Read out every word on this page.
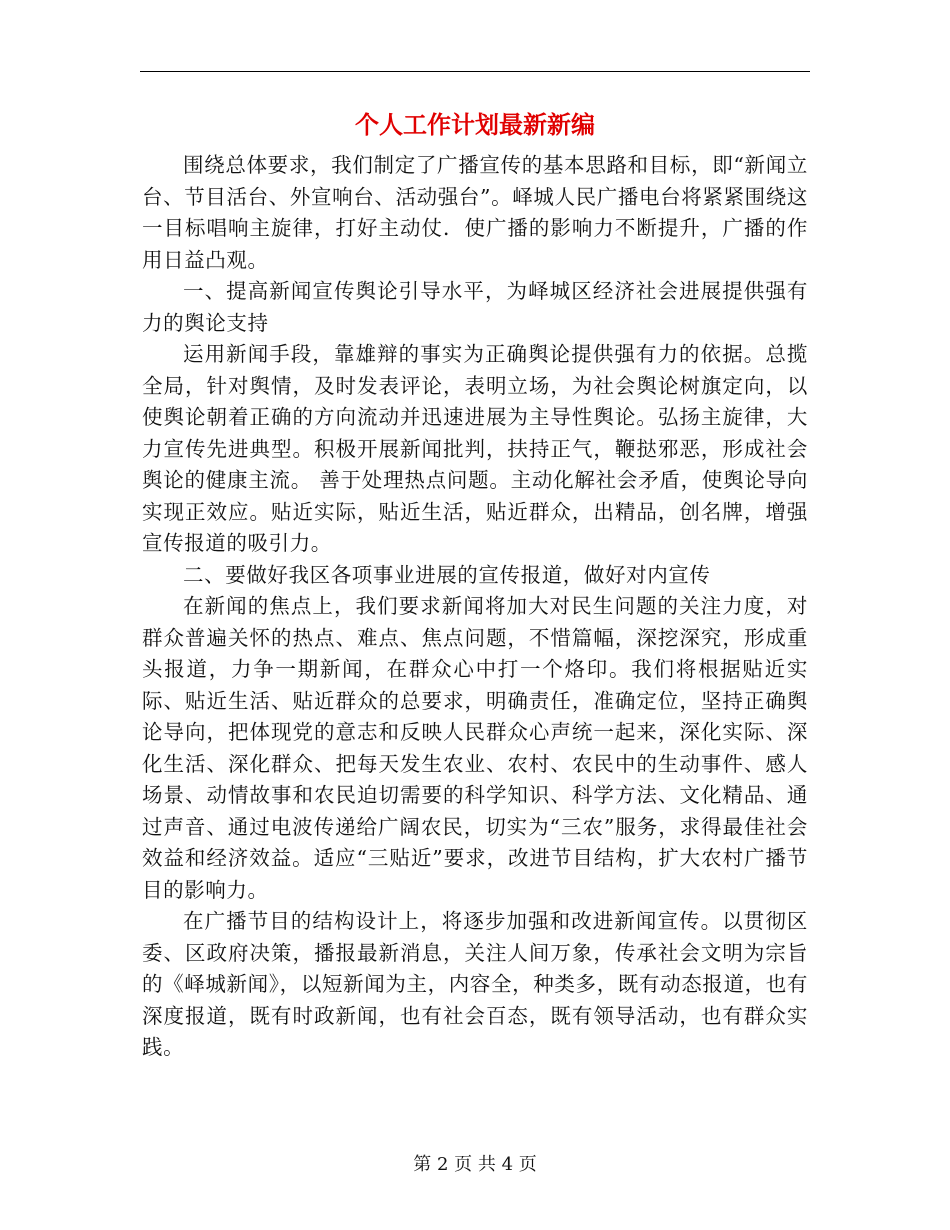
个人工作计划最新新编

围绕总体要求，我们制定了广播宣传的基本思路和目标，即“新闻立台、节目活台、外宣响台、活动强台”。峄城人民广播电台将紧紧围绕这一目标唱响主旋律，打好主动仗．使广播的影响力不断提升，广播的作用日益凸观。

一、提高新闻宣传舆论引导水平，为峄城区经济社会进展提供强有力的舆论支持

运用新闻手段，靠雄辩的事实为正确舆论提供强有力的依据。总揽全局，针对舆情，及时发表评论，表明立场，为社会舆论树旗定向，以使舆论朝着正确的方向流动并迅速进展为主导性舆论。弘扬主旋律，大力宣传先进典型。积极开展新闻批判，扶持正气，鞭挞邪恶，形成社会舆论的健康主流。 善于处理热点问题。主动化解社会矛盾，使舆论导向实现正效应。贴近实际，贴近生活，贴近群众，出精品，创名牌，增强宣传报道的吸引力。

二、要做好我区各项事业进展的宣传报道，做好对内宣传

在新闻的焦点上，我们要求新闻将加大对民生问题的关注力度，对群众普遍关怀的热点、难点、焦点问题，不惜篇幅，深挖深究，形成重头报道，力争一期新闻，在群众心中打一个烙印。我们将根据贴近实际、贴近生活、贴近群众的总要求，明确责任，准确定位，坚持正确舆论导向，把体现党的意志和反映人民群众心声统一起来，深化实际、深化生活、深化群众、把每天发生农业、农村、农民中的生动事件、感人场景、动情故事和农民迫切需要的科学知识、科学方法、文化精品、通过声音、通过电波传递给广阔农民，切实为“三农”服务，求得最佳社会效益和经济效益。适应“三贴近”要求，改进节目结构，扩大农村广播节目的影响力。

在广播节目的结构设计上，将逐步加强和改进新闻宣传。以贯彻区委、区政府决策，播报最新消息，关注人间万象，传承社会文明为宗旨的《峄城新闻》，以短新闻为主，内容全，种类多，既有动态报道，也有深度报道，既有时政新闻，也有社会百态，既有领导活动，也有群众实践。

第 2 页 共 4 页
